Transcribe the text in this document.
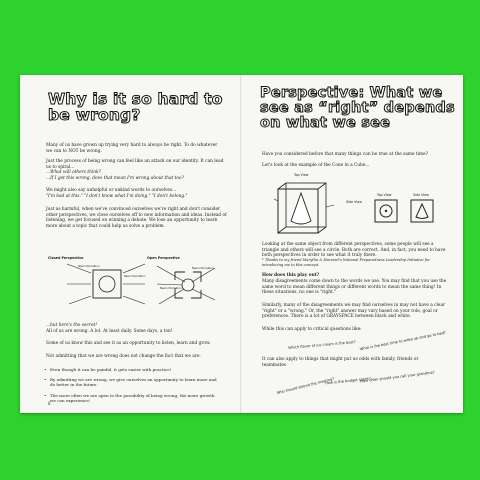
Why is it so hard to be wrong?
Many of us have grown up trying very hard to always be right. To do whatever we can to NOT be wrong.
Just the process of being wrong can feel like an attack on our identity. It can lead us to spiral...
...What will others think?
...If I got this wrong, does that mean I'm wrong about that too?
We might also say unhelpful or unkind words to ourselves...
"I'm bad at this." "I don't know what I'm doing." "I don't belong."
Just as harmful, when we've convinced ourselves we're right and don't consider other perspectives, we close ourselves off to new information and ideas. Instead of listening, we get focused on winning a debate. We lose an opportunity to learn more about a topic that could help us solve a problem.
Closed Perspective	Open Perspective
New Information
New Information
New Information
New Information
...but here's the secret!
All of us are wrong. A lot. At least daily. Some days, a ton!
Some of us know this and see it as an opportunity to listen, learn and grow.
Not admitting that we are wrong does not change the fact that we are.
• Even though it can be painful, it gets easier with practice!
• By admitting we are wrong, we give ourselves an opportunity to learn more and do better in the future.
• The more often we are open to the possibility of being wrong, the more growth we can experience!
8
Perspective: What we see as “right” depends on what we see
Have you considered before that many things can be true at the same time?
Let's look at the example of the Cone in a Cube...
Top View
Side View
Top View	Side View
Looking at the same object from different perspectives, some people will see a triangle and others will see a circle. Both are correct. And, in fact, you need to have both perspectives in order to see what it truly there.
* Thanks to my friend Marytha & Harvard's National Preparedness Leadership Initiative for introducing me to this concept.
How does this play out?
Many disagreements come down to the words we use. You may find that you use the same word to mean different things or different words to mean the same thing! In these situations, no one is "right."
Similarly, many of the disagreements we may find ourselves in may not have a clear "right" or a "wrong." Or, the "right" answer may vary based on your role, goal or preferences. There is a lot of GRAYSPACE between black and white.
While this can apply to critical questions like:
Which flavor of ice cream is the best? What is the best time to wake up and go to bed?
It can also apply to things that might put us odds with family, friends or teammates
Who should attend the meeting?
How is the budget spent?
How often should you call your grandma?
